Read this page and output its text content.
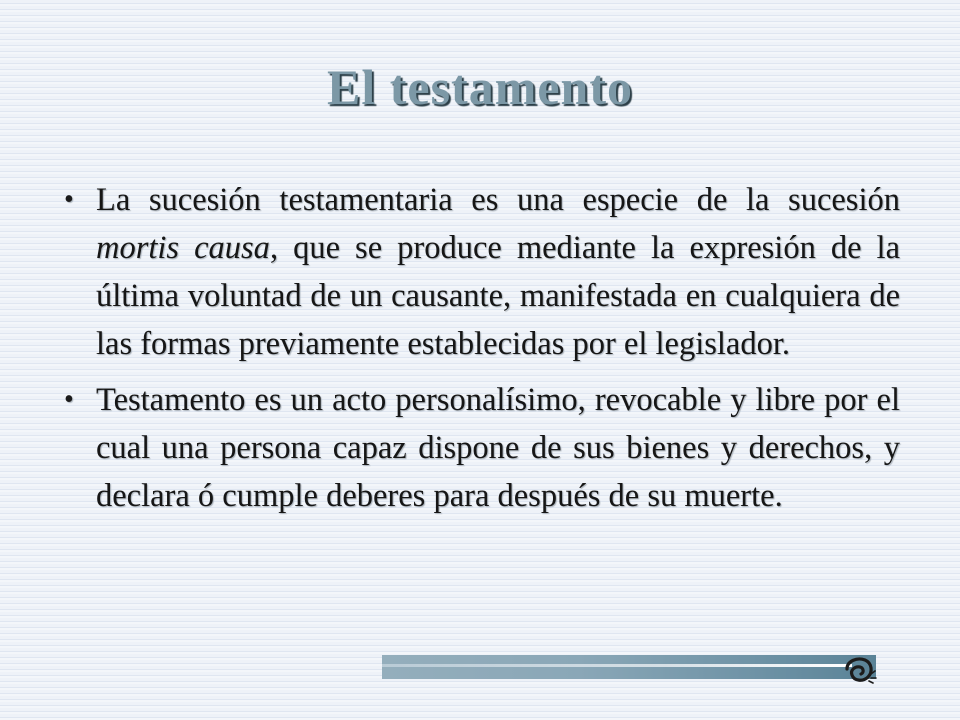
El testamento
• La sucesión testamentaria es una especie de la sucesión mortis causa, que se produce mediante la expresión de la última voluntad de un causante, manifestada en cualquiera de las formas previamente establecidas por el legislador.
• Testamento es un acto personalísimo, revocable y libre por el cual una persona capaz dispone de sus bienes y derechos, y declara ó cumple deberes para después de su muerte.
